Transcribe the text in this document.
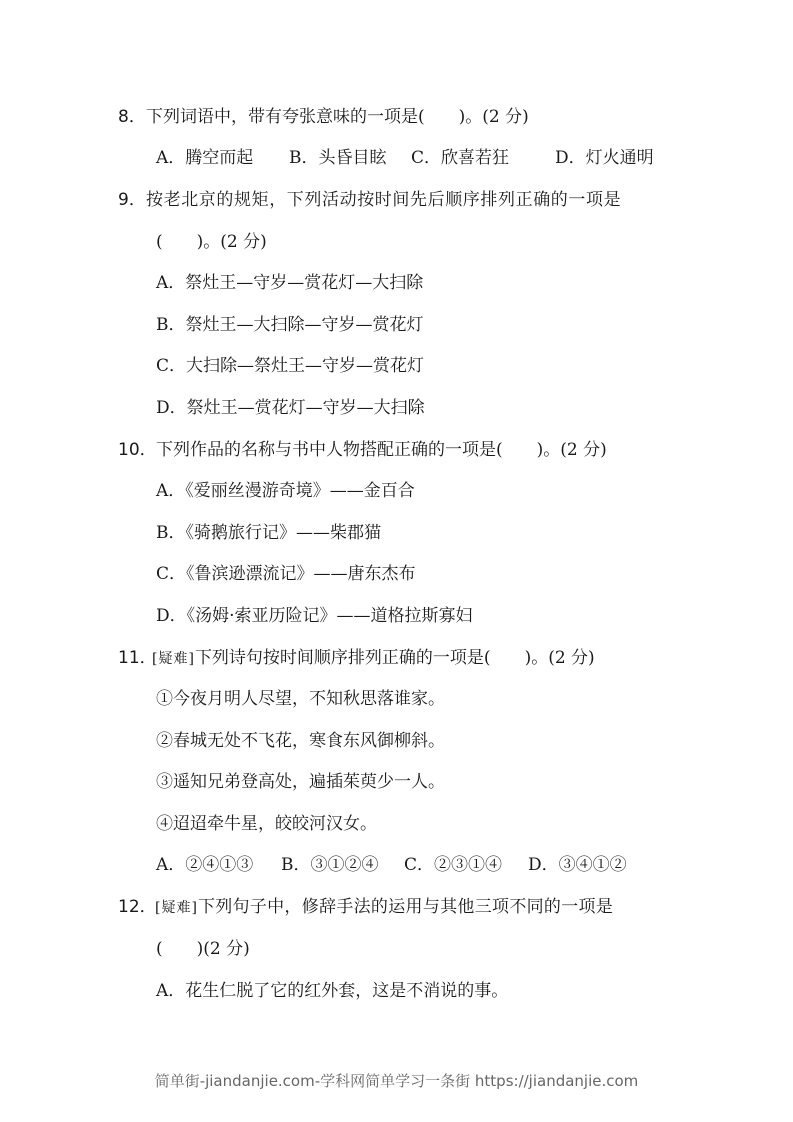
8． 下列词语中，带有夸张意味的一项是(　　)。(2 分)
A．腾空而起 B．头昏目眩 C．欣喜若狂	D．灯火通明
9． 按老北京的规矩，下列活动按时间先后顺序排列正确的一项是
(　　)。(2 分)
A．祭灶王—守岁—赏花灯—大扫除
B．祭灶王—大扫除—守岁—赏花灯
C．大扫除—祭灶王—守岁—赏花灯
D．祭灶王—赏花灯—守岁—大扫除
10． 下列作品的名称与书中人物搭配正确的一项是(　　)。(2 分)
A．《爱丽丝漫游奇境》——金百合
B．《骑鹅旅行记》——柴郡猫
C．《鲁滨逊漂流记》——唐东杰布
D．《汤姆·索亚历险记》——道格拉斯寡妇
11．
[疑难]下列诗句按时间顺序排列正确的一项是(　　)。(2 分)
①今夜月明人尽望，不知秋思落谁家。
②春城无处不飞花，寒食东风御柳斜。
③遥知兄弟登高处，遍插茱萸少一人。
④迢迢牵牛星，皎皎河汉女。
A．②④①③ B．③①②④ C．②③①④ D．③④①②
12．
[疑难]下列句子中，修辞手法的运用与其他三项不同的一项是
(　　)(2 分)
A．花生仁脱了它的红外套，这是不消说的事。
简单街-jiandanjie.com-学科网简单学习一条街 https://jiandanjie.com
